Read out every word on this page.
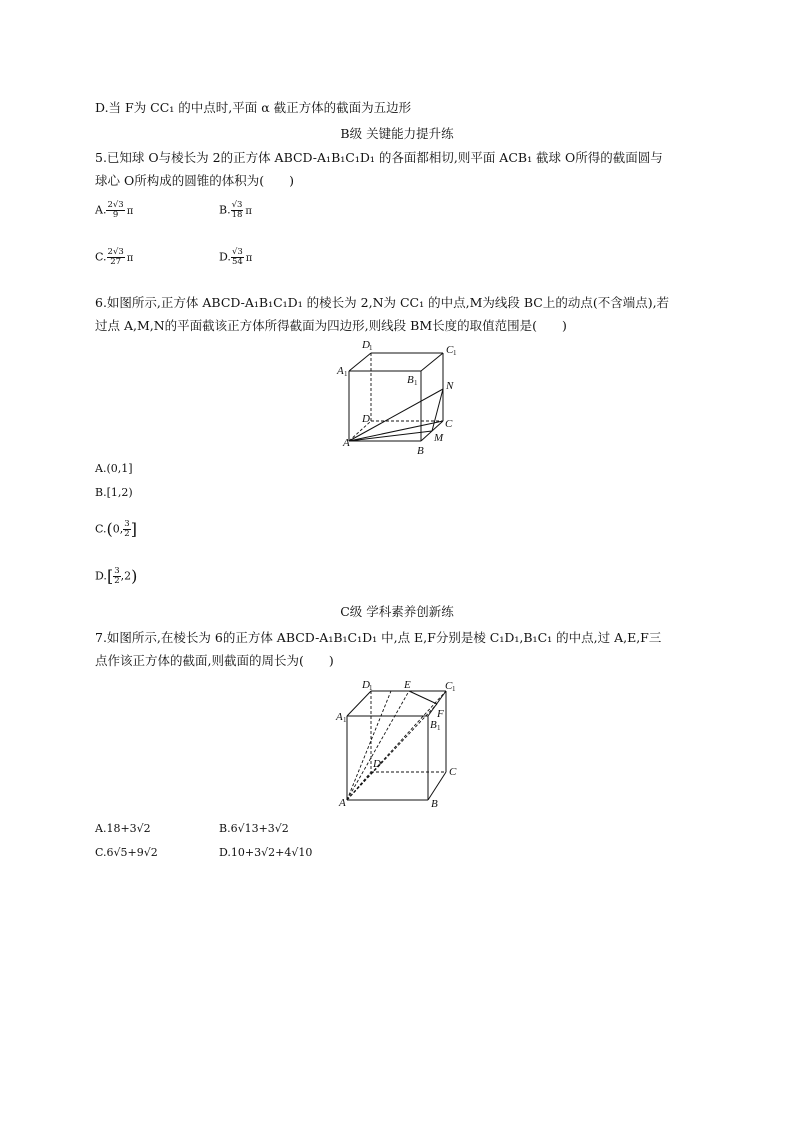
D.当 F为 CC₁ 的中点时,平面 α 截正方体的截面为五边形
B级 关键能力提升练
5.已知球 O与棱长为 2的正方体 ABCD-A₁B₁C₁D₁ 的各面都相切,则平面 ACB₁ 截球 O所得的截面圆与
球心 O所构成的圆锥的体积为(　　)
A. $\frac{2√3}{9}$ π	B. $\frac{√3}{18}$ π
C. $\frac{2√3}{27}$ π	D. $\frac{√3}{54}$ π
6.如图所示,正方体 ABCD-A₁B₁C₁D₁ 的棱长为 2,N为 CC₁ 的中点,M为线段 BC上的动点(不含端点),若
过点 A,M,N的平面截该正方体所得截面为四边形,则线段 BM长度的取值范围是(　　)
D 1	C 1
A 1	B 1	N
D	C
A	M
B
A.(0,1]
B.[1,2)
C.(0, $\frac{3}{2}$ ]
$D.[ \frac{3}{2} ,2)$
C级 学科素养创新练
7.如图所示,在棱长为 6的正方体 ABCD-A₁B₁C₁D₁ 中,点 E,F分别是棱 C₁D₁,B₁C₁ 的中点,过 A,E,F三
点作该正方体的截面,则截面的周长为(　　)
D 1	E	C 1
F
B 1
A 1
D
C
A	B
A.18+3√2	B.6√13+3√2
C.6√5+9√2	D.10+3√2+4√10
